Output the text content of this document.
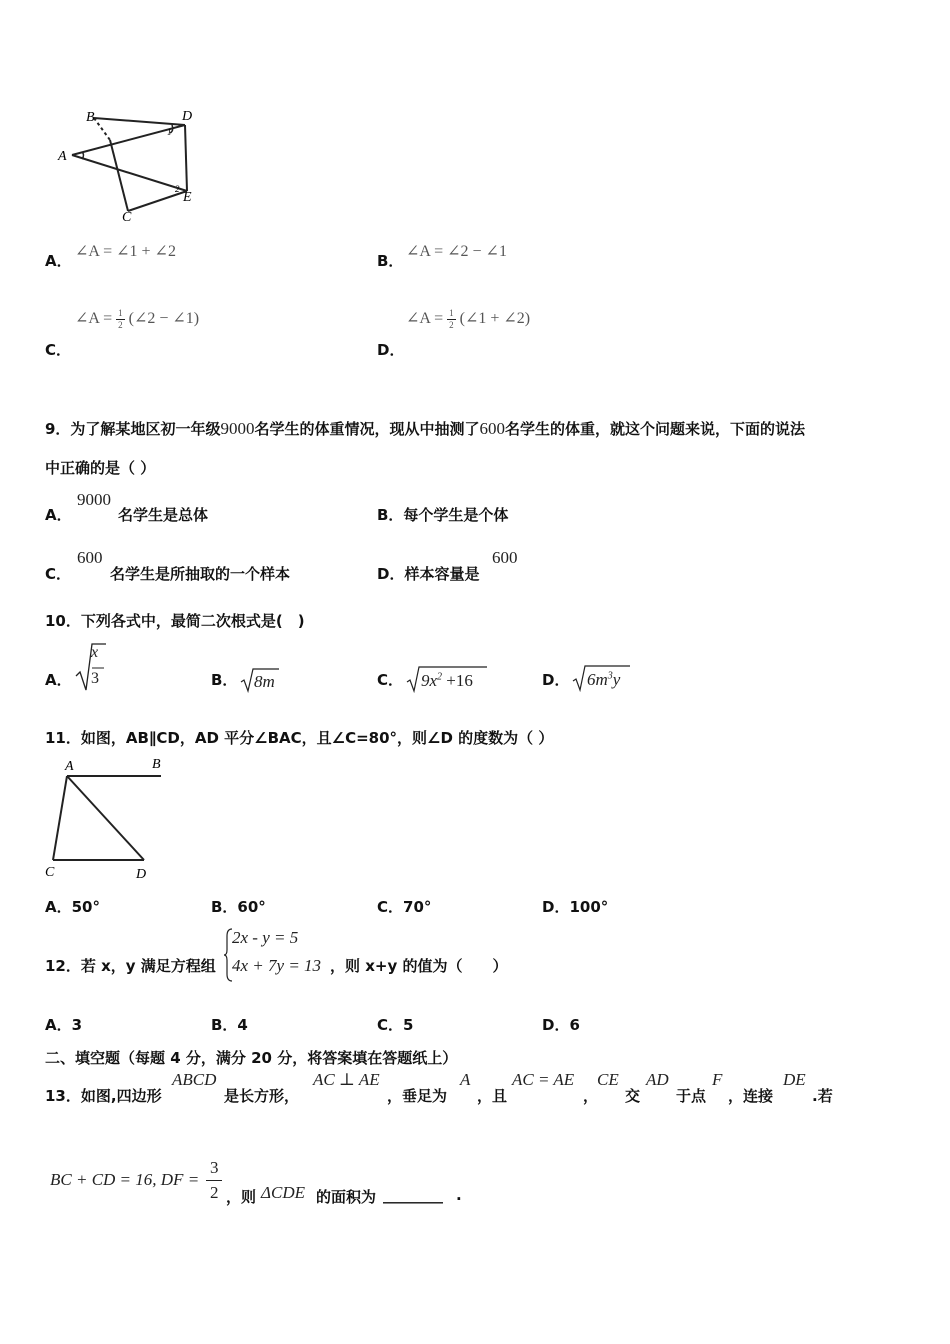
B	D
A
E
C
1
2
A．
∠A = ∠1 + ∠2
B．
∠A = ∠2 − ∠1
C．
∠A = $\frac{1}{2}$ (∠2 − ∠1)
D．
∠A = $\frac{1}{2}$ (∠1 + ∠2)
9．为了解某地区初一年级9000名学生的体重情况，现从中抽测了600名学生的体重，就这个问题来说，下面的说法
中正确的是（ ）
A．
9000
名学生是总体	B．每个学生是个体
C．
600
名学生是所抽取的一个样本	D．样本容量是
600
10．下列各式中，最简二次根式是(　)
A．
x
3	B． 8m	C． $9x^2 +16$	D． $6m^3y$
11．如图，AB∥CD，AD 平分∠BAC，且∠C=80°，则∠D 的度数为（ ）
A	B
C	D
A．50°	B．60°	C．70°	D．100°
12．若 x，y 满足方程组
2x - y = 5
4x + 7y = 13 ，则 x+y 的值为（　　）
A．3	B．4	C．5	D．6
二、填空题（每题 4 分，满分 20 分，将答案填在答题纸上）
13．如图,四边形
ABCD
是长方形，
AC ⊥ AE
，垂足为
A
，且
AC = AE
，
CE
交
AD
于点
F
，连接
DE
.若
BC + CD = 16, DF =
3
2 ，则 ΔCDE 的面积为 ________ .
